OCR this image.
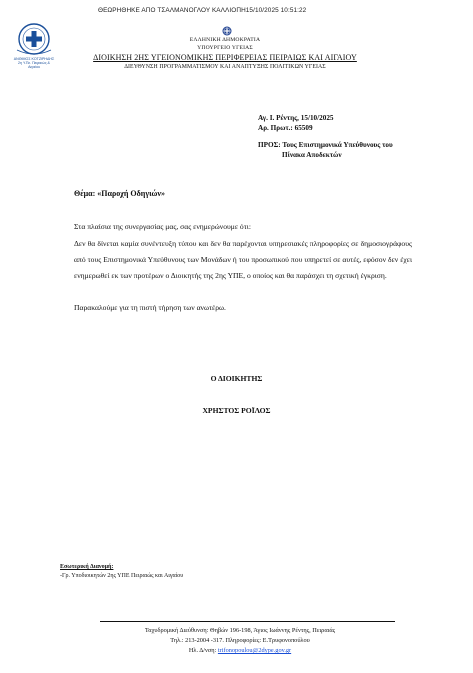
ΘΕΩΡΗΘΗΚΕ ΑΠΟ ΤΣΑΛΜΑΝΟΓΛΟΥ ΚΑΛΛΙΟΠΗ15/10/2025 10:51:22
ΑΝΘΙΜΟΣ ΚΟΤΖΙΡΗΔΗΣ
2η Υ.Πε. Πειραιώς & Αιγαίου
ΕΛΛΗΝΙΚΗ ΔΗΜΟΚΡΑΤΙΑ
ΥΠΟΥΡΓΕΙΟ ΥΓΕΙΑΣ
ΔΙΟΙΚΗΣΗ 2ΗΣ ΥΓΕΙΟΝΟΜΙΚΗΣ ΠΕΡΙΦΕΡΕΙΑΣ ΠΕΙΡΑΙΩΣ ΚΑΙ ΑΙΓΑΙΟΥ
ΔΙΕΥΘΥΝΣΗ ΠΡΟΓΡΑΜΜΑΤΙΣΜΟΥ ΚΑΙ ΑΝΑΠΤΥΞΗΣ ΠΟΛΙΤΙΚΩΝ ΥΓΕΙΑΣ
Αγ. Ι. Ρέντης, 15/10/2025
Αρ. Πρωτ.: 65509
ΠΡΟΣ: Τους Επιστημονικά Υπεύθυνους του
Πίνακα Αποδεκτών
Θέμα: «Παροχή Οδηγιών»
Στα πλαίσια της συνεργασίας μας, σας ενημερώνουμε ότι:
Δεν θα δίνεται καμία συνέντευξη τύπου και δεν θα παρέχονται υπηρεσιακές πληροφορίες σε δημοσιογράφους από τους Επιστημονικά Υπεύθυνους των Μονάδων ή του προσωπικού που υπηρετεί σε αυτές, εφόσον δεν έχει ενημερωθεί εκ των προτέρων ο Διοικητής της 2ης ΥΠΕ, ο οποίος και θα παράσχει τη σχετική έγκριση.
Παρακαλούμε για τη πιστή τήρηση των ανωτέρω.
Ο ΔΙΟΙΚΗΤΗΣ
ΧΡΗΣΤΟΣ ΡΟΪΛΟΣ
Εσωτερική Διανομή:
-Γρ. Υποδιοικητών 2ης ΥΠΕ Πειραιώς και Αιγαίου
Ταχυδρομική Διεύθυνση: Θηβών 196-198, Άγιος Ιωάννης Ρέντης, Πειραιάς
Τηλ.: 213-2004 -317. Πληροφορίες: Ε.Τρυφονοπούλου
Ηλ. Δ/νση: trifonopoulou@2dype.gov.gr
